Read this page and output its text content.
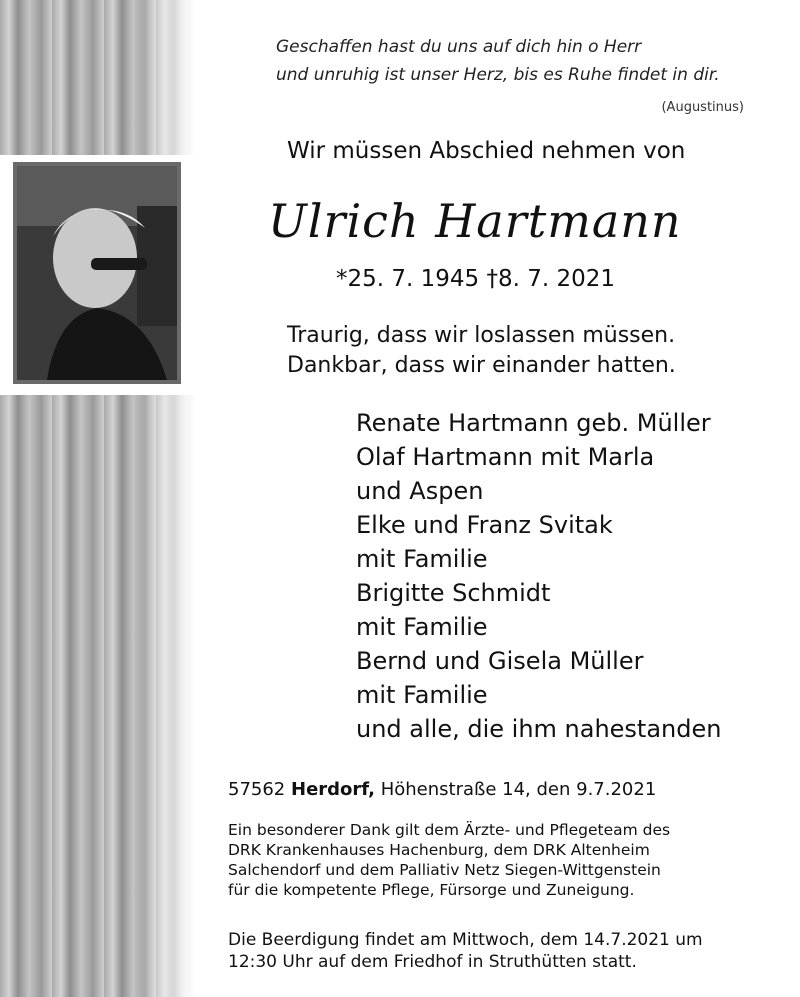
Geschaffen hast du uns auf dich hin o Herr
und unruhig ist unser Herz, bis es Ruhe findet in dir.
(Augustinus)
Wir müssen Abschied nehmen von
Ulrich Hartmann
*25. 7. 1945 †8. 7. 2021
Traurig, dass wir loslassen müssen.
Dankbar, dass wir einander hatten.
Renate Hartmann geb. Müller
Olaf Hartmann mit Marla
und Aspen
Elke und Franz Svitak
mit Familie
Brigitte Schmidt
mit Familie
Bernd und Gisela Müller
mit Familie
und alle, die ihm nahestanden
57562 Herdorf, Höhenstraße 14, den 9.7.2021
Ein besonderer Dank gilt dem Ärzte- und Pflegeteam des
DRK Krankenhauses Hachenburg, dem DRK Altenheim
Salchendorf und dem Palliativ Netz Siegen-Wittgenstein
für die kompetente Pflege, Fürsorge und Zuneigung.
Die Beerdigung findet am Mittwoch, dem 14.7.2021 um
12:30 Uhr auf dem Friedhof in Struthütten statt.
